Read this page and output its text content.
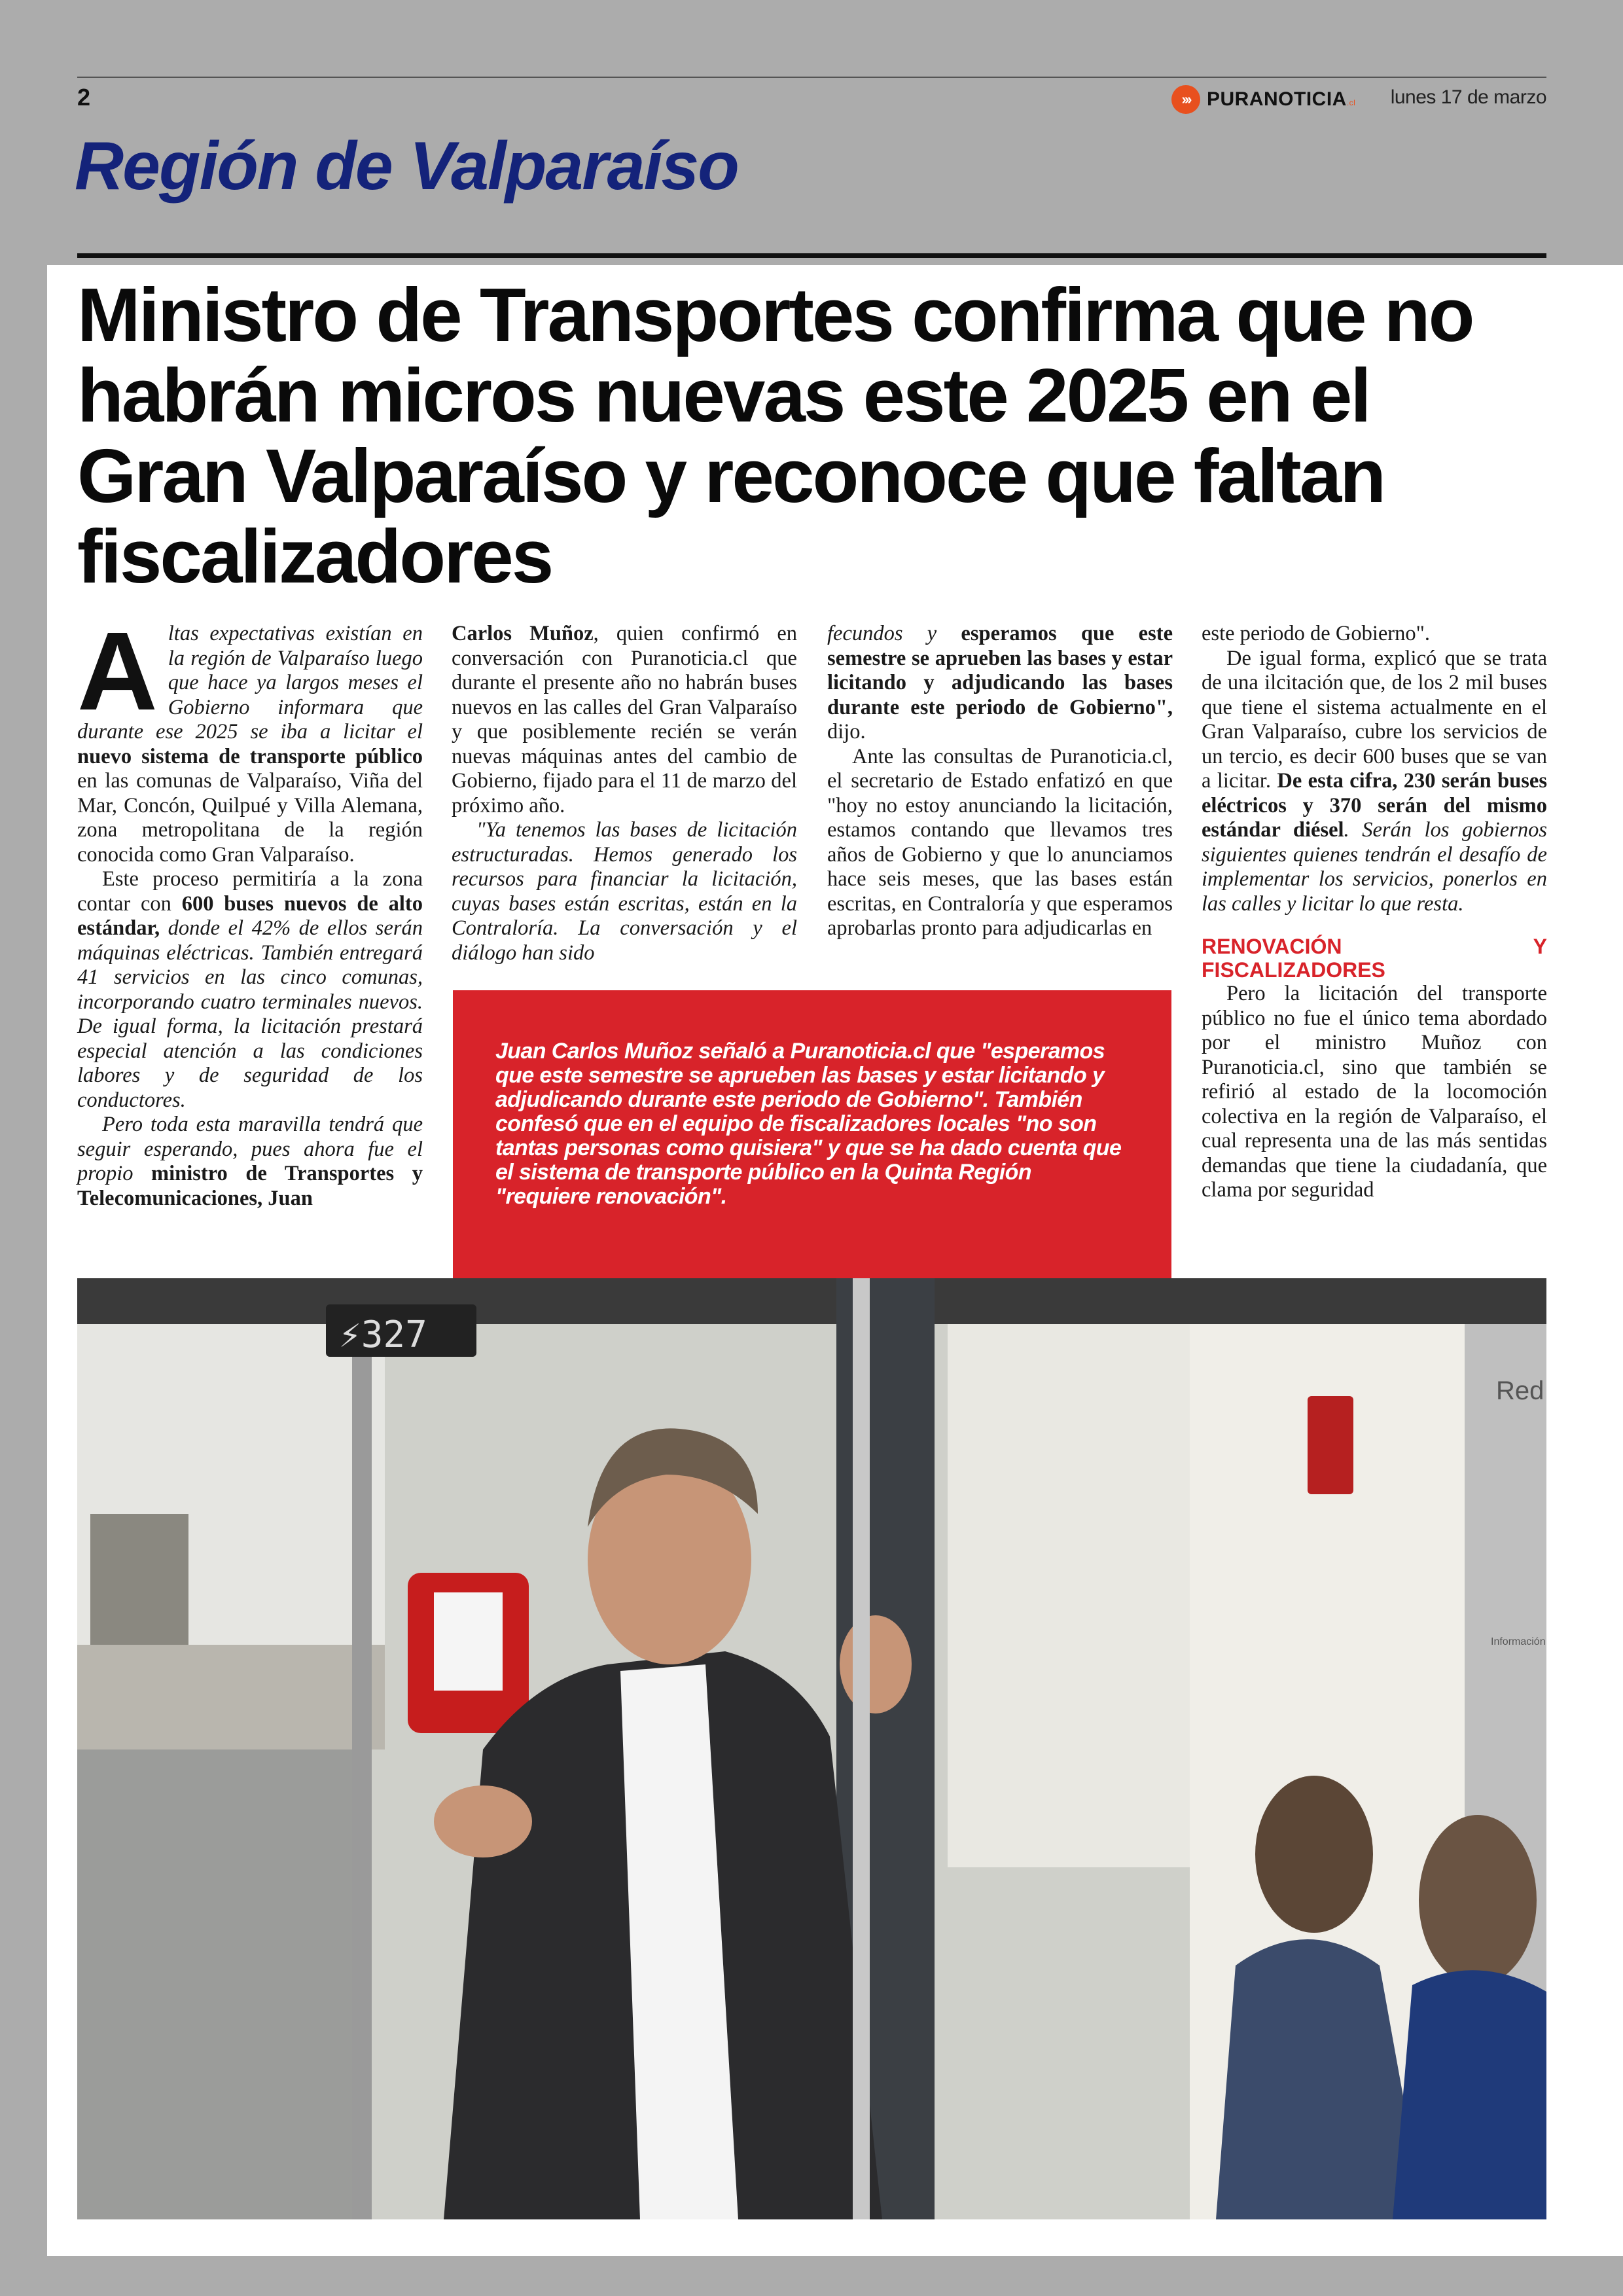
2	››› PURANOTICIA.cl lunes 17 de marzo
Región de Valparaíso
Ministro de Transportes confirma que no habrán micros nuevas este 2025 en el Gran Valparaíso y reconoce que faltan fiscalizadores

Altas expectativas existían en la región de Valparaíso luego que hace ya largos meses el Gobierno informara que durante ese 2025 se iba a licitar el nuevo sistema de transporte público en las comunas de Valparaíso, Viña del Mar, Concón, Quilpué y Villa Alemana, zona metropolitana de la región conocida como Gran Valparaíso.

Este proceso permitiría a la zona contar con 600 buses nuevos de alto estándar, donde el 42% de ellos serán máquinas eléctricas. También entregará 41 servicios en las cinco comunas, incorporando cuatro terminales nuevos. De igual forma, la licitación prestará especial atención a las condiciones labores y de seguridad de los conductores.

Pero toda esta maravilla tendrá que seguir esperando, pues ahora fue el propio ministro de Transportes y Telecomunicaciones, Juan

Carlos Muñoz, quien confirmó en conversación con Puranoticia.cl que durante el presente año no habrán buses nuevos en las calles del Gran Valparaíso y que posiblemente recién se verán nuevas máquinas antes del cambio de Gobierno, fijado para el 11 de marzo del próximo año.

"Ya tenemos las bases de licitación estructuradas. Hemos generado los recursos para financiar la licitación, cuyas bases están escritas, están en la Contraloría. La conversación y el diálogo han sido

fecundos y esperamos que este semestre se aprueben las bases y estar licitando y adjudicando las bases durante este periodo de Gobierno", dijo.

Ante las consultas de Puranoticia.cl, el secretario de Estado enfatizó en que "hoy no estoy anunciando la licitación, estamos contando que llevamos tres años de Gobierno y que lo anunciamos hace seis meses, que las bases están escritas, en Contraloría y que esperamos aprobarlas pronto para adjudicarlas en

este periodo de Gobierno".

De igual forma, explicó que se trata de una ilcitación que, de los 2 mil buses que tiene el sistema actualmente en el Gran Valparaíso, cubre los servicios de un tercio, es decir 600 buses que se van a licitar. De esta cifra, 230 serán buses eléctricos y 370 serán del mismo estándar diésel. Serán los gobiernos siguientes quienes tendrán el desafío de implementar los servicios, ponerlos en las calles y licitar lo que resta.

RENOVACIÓN Y FISCALIZADORES

Pero la licitación del transporte público no fue el único tema abordado por el ministro Muñoz con Puranoticia.cl, sino que también se refirió al estado de la locomoción colectiva en la región de Valparaíso, el cual representa una de las más sentidas demandas que tiene la ciudadanía, que clama por seguridad

Juan Carlos Muñoz señaló a Puranoticia.cl que "esperamos que este semestre se aprueben las bases y estar licitando y adjudicando durante este periodo de Gobierno". También confesó que en el equipo de fiscalizadores locales "no son tantas personas como quisiera" y que se ha dado cuenta que el sistema de transporte público en la Quinta Región "requiere renovación".

Red
Información
⚡327
